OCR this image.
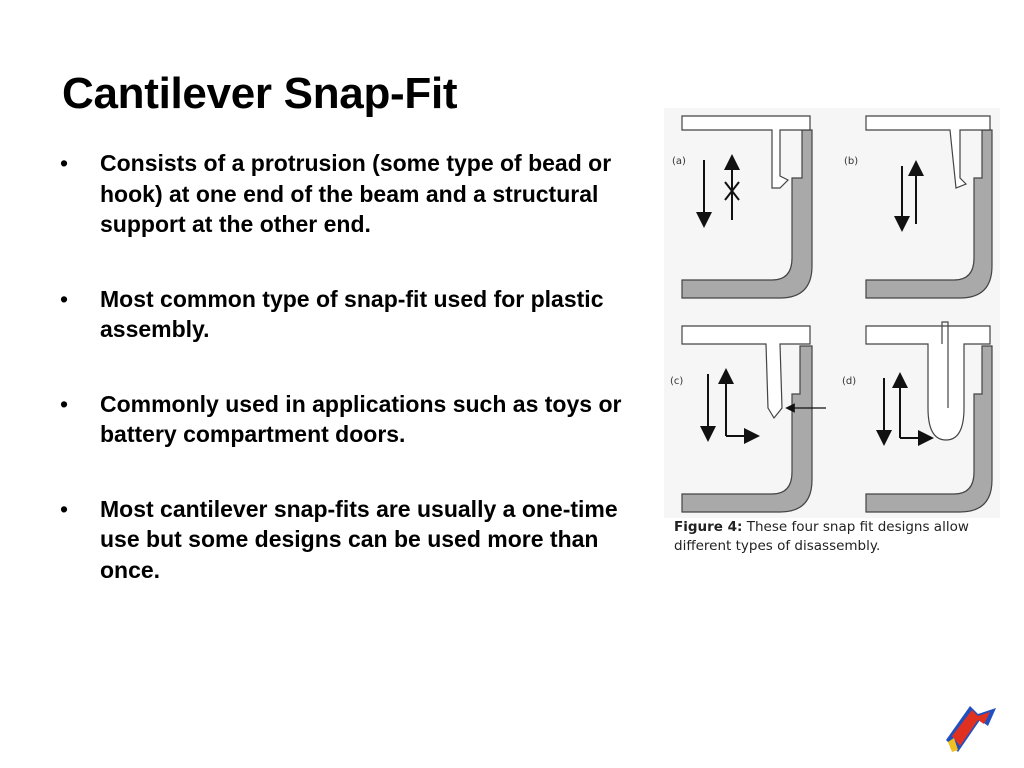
Cantilever Snap-Fit
• Consists of a protrusion (some type of bead or hook) at one end of the beam and a structural support at the other end.
• Most common type of snap-fit used for plastic assembly.
• Commonly used in applications such as toys or battery compartment doors.
• Most cantilever snap-fits are usually a one-time use but some designs can be used more than once.
(a)	(b)
(c)	(d)
Figure 4: These four snap fit designs allow different types of disassembly.
